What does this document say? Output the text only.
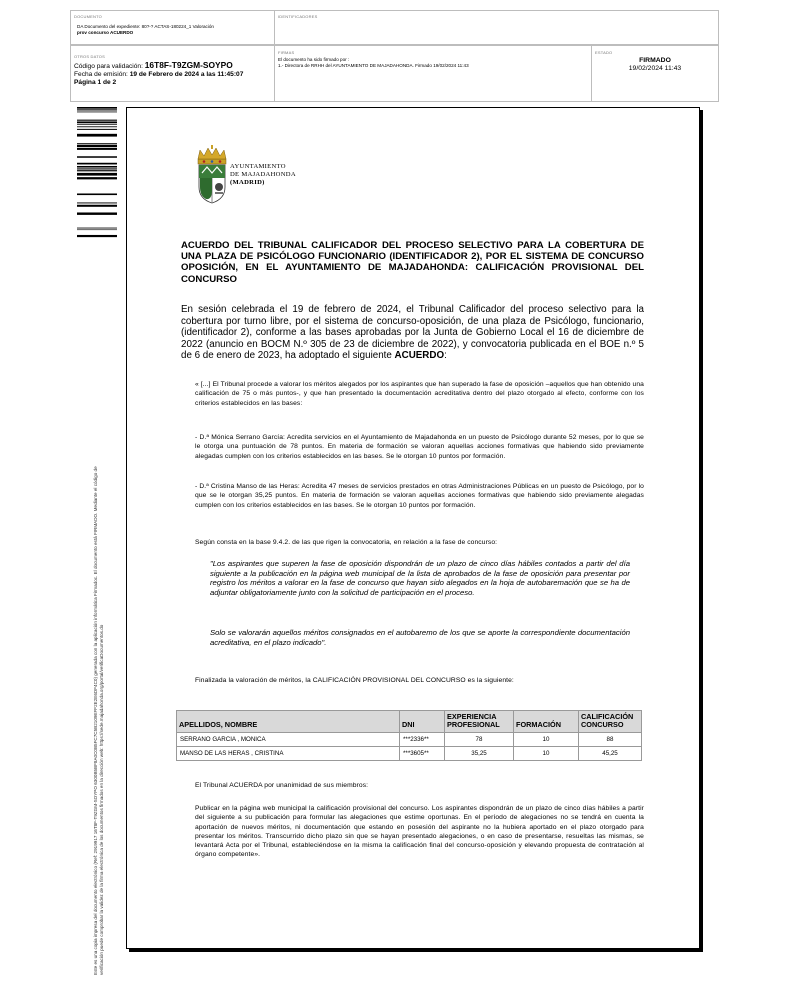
DOCUMENTO
DA Documento del expediente: 80?-? ACTAS-180224_1 Valoración
prov concurso ACUERDO
IDENTIFICADORES
OTROS DATOS
Código para validación: 16T8F-T9ZGM-SOYPO
Fecha de emisión: 19 de Febrero de 2024 a las 11:45:07
Página 1 de 2
FIRMAS
El documento ha sido firmado por :
1.- Directora de RRHH del AYUNTAMIENTO DE MAJADAHONDA. Firmado 19/02/2024 11:43
ESTADO
FIRMADO
19/02/2024 11:43
Este es una copia impresa del documento electrónico (Ref: 2919917 16T8F-T9ZGM-SOYPO 6300B5BF8A0C0B5FC7C5B2109EFF2E2E6DF4C0) generada con la aplicación informática Firmadoc. El documento está FIRMADO. Mediante el código de verificación puede comprobar la validez de la firma electrónica de los documentos firmados en la dirección web: https://sede.majadahonda.org/portal/verificaDocumentos.do
AYUNTAMIENTO
DE MAJADAHONDA
(MADRID)
ACUERDO DEL TRIBUNAL CALIFICADOR DEL PROCESO SELECTIVO PARA LA COBERTURA DE UNA PLAZA DE PSICÓLOGO FUNCIONARIO (IDENTIFICADOR 2), POR EL SISTEMA DE CONCURSO OPOSICIÓN, EN EL AYUNTAMIENTO DE MAJADAHONDA: CALIFICACIÓN PROVISIONAL DEL CONCURSO
En sesión celebrada el 19 de febrero de 2024, el Tribunal Calificador del proceso selectivo para la cobertura por turno libre, por el sistema de concurso-oposición, de una plaza de Psicólogo, funcionario, (identificador 2), conforme a las bases aprobadas por la Junta de Gobierno Local el 16 de diciembre de 2022 (anuncio en BOCM N.º 305 de 23 de diciembre de 2022), y convocatoria publicada en el BOE n.º 5 de 6 de enero de 2023, ha adoptado el siguiente ACUERDO:
« [...] El Tribunal procede a valorar los méritos alegados por los aspirantes que han superado la fase de oposición –aquellos que han obtenido una calificación de 75 o más puntos-, y que han presentado la documentación acreditativa dentro del plazo otorgado al efecto, conforme con los criterios establecidos en las bases:
- D.ª Mónica Serrano García: Acredita servicios en el Ayuntamiento de Majadahonda en un puesto de Psicólogo durante 52 meses, por lo que se le otorga una puntuación de 78 puntos. En materia de formación se valoran aquellas acciones formativas que habiendo sido previamente alegadas cumplen con los criterios establecidos en las bases. Se le otorgan 10 puntos por formación.
- D.ª Cristina Manso de las Heras: Acredita 47 meses de servicios prestados en otras Administraciones Públicas en un puesto de Psicólogo, por lo que se le otorgan 35,25 puntos. En materia de formación se valoran aquellas acciones formativas que habiendo sido previamente alegadas cumplen con los criterios establecidos en las bases. Se le otorgan 10 puntos por formación.
Según consta en la base 9.4.2. de las que rigen la convocatoria, en relación a la fase de concurso:
"Los aspirantes que superen la fase de oposición dispondrán de un plazo de cinco días hábiles contados a partir del día siguiente a la publicación en la página web municipal de la lista de aprobados de la fase de oposición para presentar por registro los méritos a valorar en la fase de concurso que hayan sido alegados en la hoja de autobaremación que se ha de adjuntar obligatoriamente junto con la solicitud de participación en el proceso.
Solo se valorarán aquellos méritos consignados en el autobaremo de los que se aporte la correspondiente documentación acreditativa, en el plazo indicado".
Finalizada la valoración de méritos, la CALIFICACIÓN PROVISIONAL DEL CONCURSO es la siguiente:
APELLIDOS, NOMBRE	DNI	EXPERIENCIA PROFESIONAL	FORMACIÓN	CALIFICACIÓN CONCURSO
SERRANO GARCIA , MONICA	***2336**	78	10	88
MANSO DE LAS HERAS , CRISTINA	***3605**	35,25	10	45,25
El Tribunal ACUERDA por unanimidad de sus miembros:
Publicar en la página web municipal la calificación provisional del concurso. Los aspirantes dispondrán de un plazo de cinco días hábiles a partir del siguiente a su publicación para formular las alegaciones que estime oportunas. En el período de alegaciones no se tendrá en cuenta la aportación de nuevos méritos, ni documentación que estando en posesión del aspirante no la hubiera aportado en el plazo otorgado para presentar los méritos. Transcurrido dicho plazo sin que se hayan presentado alegaciones, o en caso de presentarse, resueltas las mismas, se levantará Acta por el Tribunal, estableciéndose en la misma la calificación final del concurso-oposición y elevando propuesta de contratación al órgano competente».
